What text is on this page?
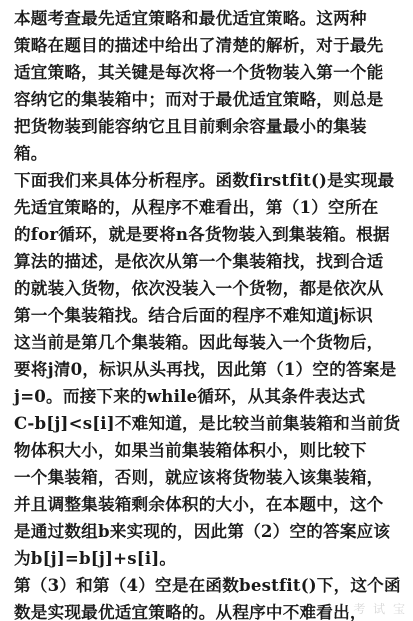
本题考查最先适宜策略和最优适宜策略。这两种
策略在题目的描述中给出了清楚的解析，对于最先
适宜策略，其关键是每次将一个货物装入第一个能
容纳它的集装箱中；而对于最优适宜策略，则总是
把货物装到能容纳它且目前剩余容量最小的集装
箱。
下面我们来具体分析程序。函数firstfit()是实现最
先适宜策略的，从程序不难看出，第（1）空所在
的for循环，就是要将n各货物装入到集装箱。根据
算法的描述，是依次从第一个集装箱找，找到合适
的就装入货物，依次没装入一个货物，都是依次从
第一个集装箱找。结合后面的程序不难知道j标识
这当前是第几个集装箱。因此每装入一个货物后，
要将j清0，标识从头再找，因此第（1）空的答案是
j=0。而接下来的while循环，从其条件表达式
C-b[j]<s[i]不难知道，是比较当前集装箱和当前货
物体积大小，如果当前集装箱体积小，则比较下
一个集装箱，否则，就应该将货物装入该集装箱，
并且调整集装箱剩余体积的大小，在本题中，这个
是通过数组b来实现的，因此第（2）空的答案应该
为b[j]=b[j]+s[i]。
第（3）和第（4）空是在函数bestfit()下，这个函
数是实现最优适宜策略的。从程序中不难看出，
考 试 宝
